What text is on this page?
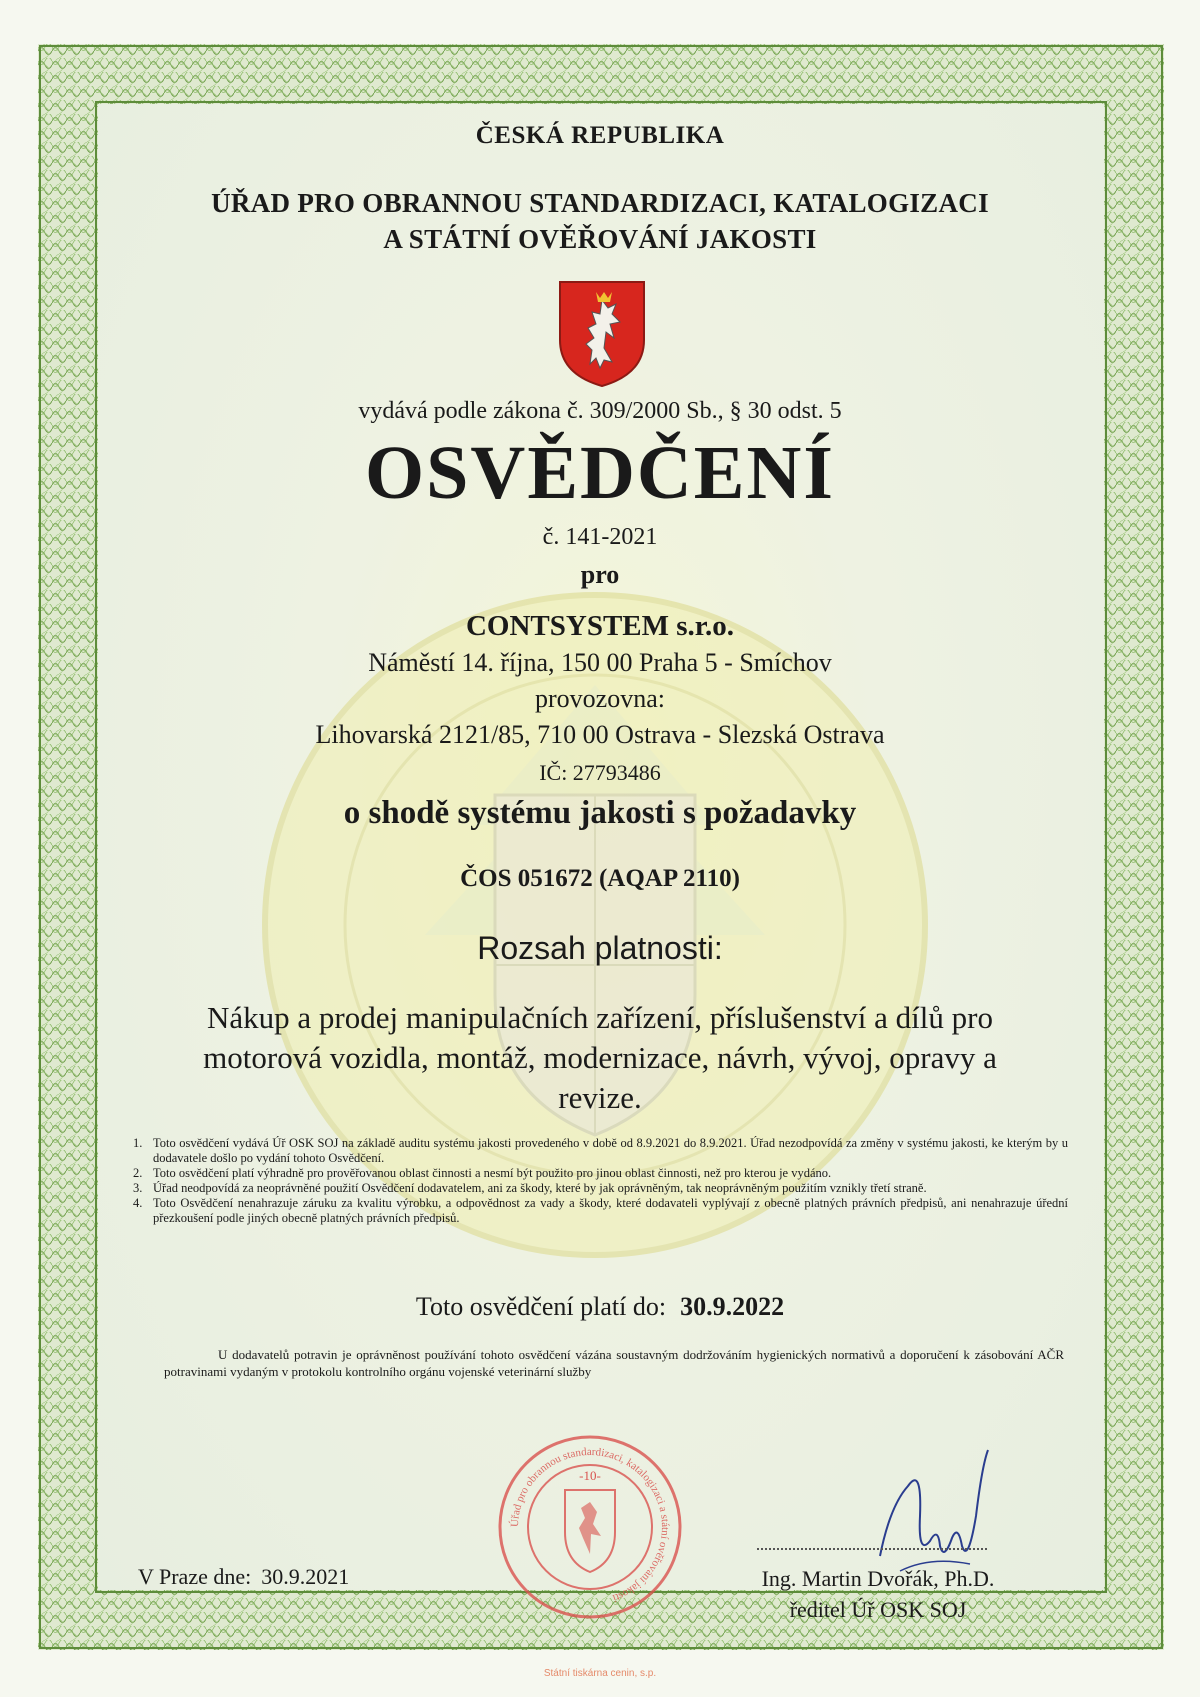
ČESKÁ REPUBLIKA
ÚŘAD PRO OBRANNOU STANDARDIZACI, KATALOGIZACI
A STÁTNÍ OVĚŘOVÁNÍ JAKOSTI
vydává podle zákona č. 309/2000 Sb., § 30 odst. 5
OSVĚDČENÍ
č. 141-2021
pro
CONTSYSTEM s.r.o.
Náměstí 14. října, 150 00 Praha 5 - Smíchov
provozovna:
Lihovarská 2121/85, 710 00 Ostrava - Slezská Ostrava
IČ: 27793486
o shodě systému jakosti s požadavky
ČOS 051672 (AQAP 2110)
Rozsah platnosti:
Nákup a prodej manipulačních zařízení, příslušenství a dílů pro
motorová vozidla, montáž, modernizace, návrh, vývoj, opravy a
revize.
1. Toto osvědčení vydává Úř OSK SOJ na základě auditu systému jakosti provedeného v době od 8.9.2021 do 8.9.2021. Úřad nezodpovídá za změny v systému jakosti, ke kterým by u dodavatele došlo po vydání tohoto Osvědčení.
2. Toto osvědčení platí výhradně pro prověřovanou oblast činnosti a nesmí být použito pro jinou oblast činnosti, než pro kterou je vydáno.
3. Úřad neodpovídá za neoprávněné použití Osvědčení dodavatelem, ani za škody, které by jak oprávněným, tak neoprávněným použitím vznikly třetí straně.
4. Toto Osvědčení nenahrazuje záruku za kvalitu výrobku, a odpovědnost za vady a škody, které dodavateli vyplývají z obecně platných právních předpisů, ani nenahrazuje úřední přezkoušení podle jiných obecně platných právních předpisů.
Toto osvědčení platí do: 30.9.2022
U dodavatelů potravin je oprávněnost používání tohoto osvědčení vázána soustavným dodržováním hygienických normativů a doporučení k zásobování AČR potravinami vydaným v protokolu kontrolního orgánu vojenské veterinární služby
Úřad pro obrannou standardizaci, katalogizaci a státní ověřování jakosti
-10-
V Praze dne: 30.9.2021	Ing. Martin Dvořák, Ph.D.
ředitel Úř OSK SOJ
Státní tiskárna cenin, s.p.
